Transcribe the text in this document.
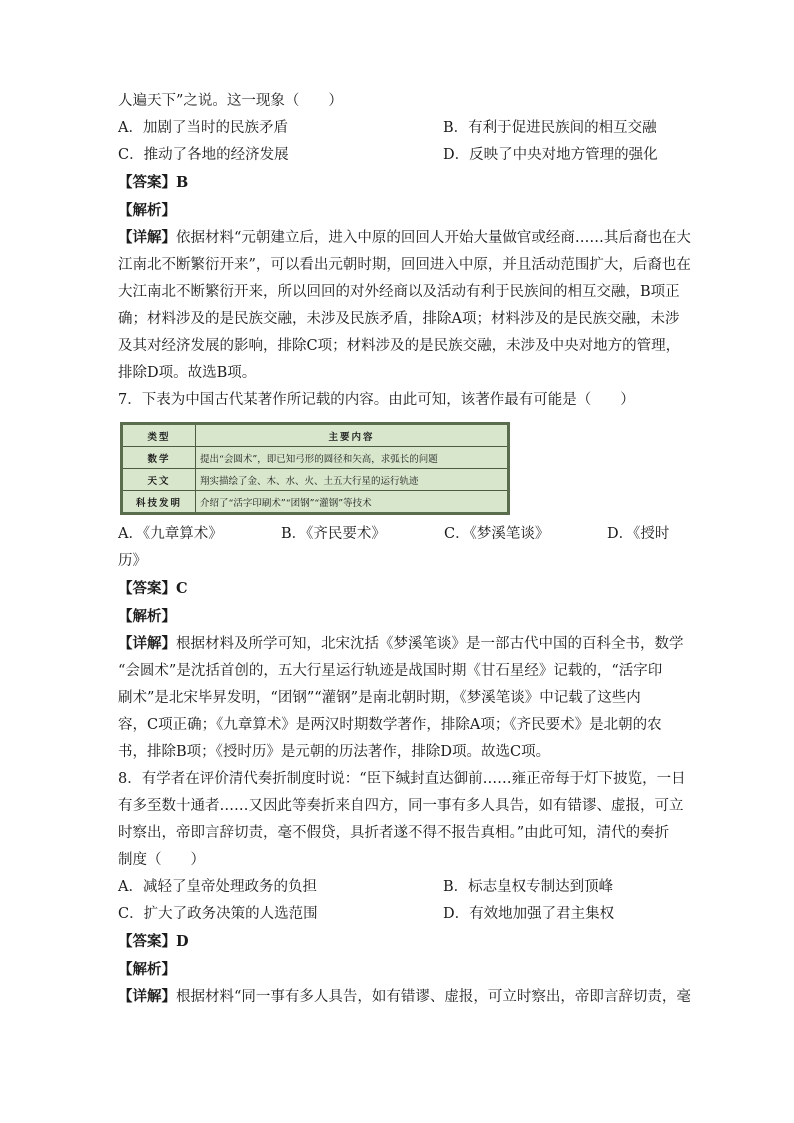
人遍天下”之说。这一现象（　　）
A．加剧了当时的民族矛盾	B．有利于促进民族间的相互交融
C．推动了各地的经济发展	D．反映了中央对地方管理的强化
【答案】B
【解析】
【详解】依据材料“元朝建立后，进入中原的回回人开始大量做官或经商……其后裔也在大
江南北不断繁衍开来”，可以看出元朝时期，回回进入中原，并且活动范围扩大，后裔也在
大江南北不断繁衍开来，所以回回的对外经商以及活动有利于民族间的相互交融，B项正
确；材料涉及的是民族交融，未涉及民族矛盾，排除A项；材料涉及的是民族交融，未涉
及其对经济发展的影响，排除C项；材料涉及的是民族交融，未涉及中央对地方的管理，
排除D项。故选B项。
7．下表为中国古代某著作所记载的内容。由此可知，该著作最有可能是（　　）
类型	主要内容
数学	提出“会圆术”，即已知弓形的圆径和矢高，求弧长的问题
天文	翔实描绘了金、木、水、火、土五大行星的运行轨迹
科技发明	介绍了“活字印刷术”“团钢”“灌钢”等技术
A．《九章算术》	B．《齐民要术》	C．《梦溪笔谈》	D．《授时
历》
【答案】C
【解析】
【详解】根据材料及所学可知，北宋沈括《梦溪笔谈》是一部古代中国的百科全书，数学
“会圆术”是沈括首创的，五大行星运行轨迹是战国时期《甘石星经》记载的，“活字印
刷术”是北宋毕昇发明，“团钢”“灌钢”是南北朝时期，《梦溪笔谈》中记载了这些内
容，C项正确；《九章算术》是两汉时期数学著作，排除A项；《齐民要术》是北朝的农
书，排除B项；《授时历》是元朝的历法著作，排除D项。故选C项。
8．有学者在评价清代奏折制度时说：“臣下缄封直达御前……雍正帝每于灯下披览，一日
有多至数十通者……又因此等奏折来自四方，同一事有多人具告，如有错谬、虚报，可立
时察出，帝即言辞切责，毫不假贷，具折者遂不得不报告真相。”由此可知，清代的奏折
制度（　　）
A．减轻了皇帝处理政务的负担	B．标志皇权专制达到顶峰
C．扩大了政务决策的人选范围	D．有效地加强了君主集权
【答案】D
【解析】
【详解】根据材料“同一事有多人具告，如有错谬、虚报，可立时察出，帝即言辞切责，毫
